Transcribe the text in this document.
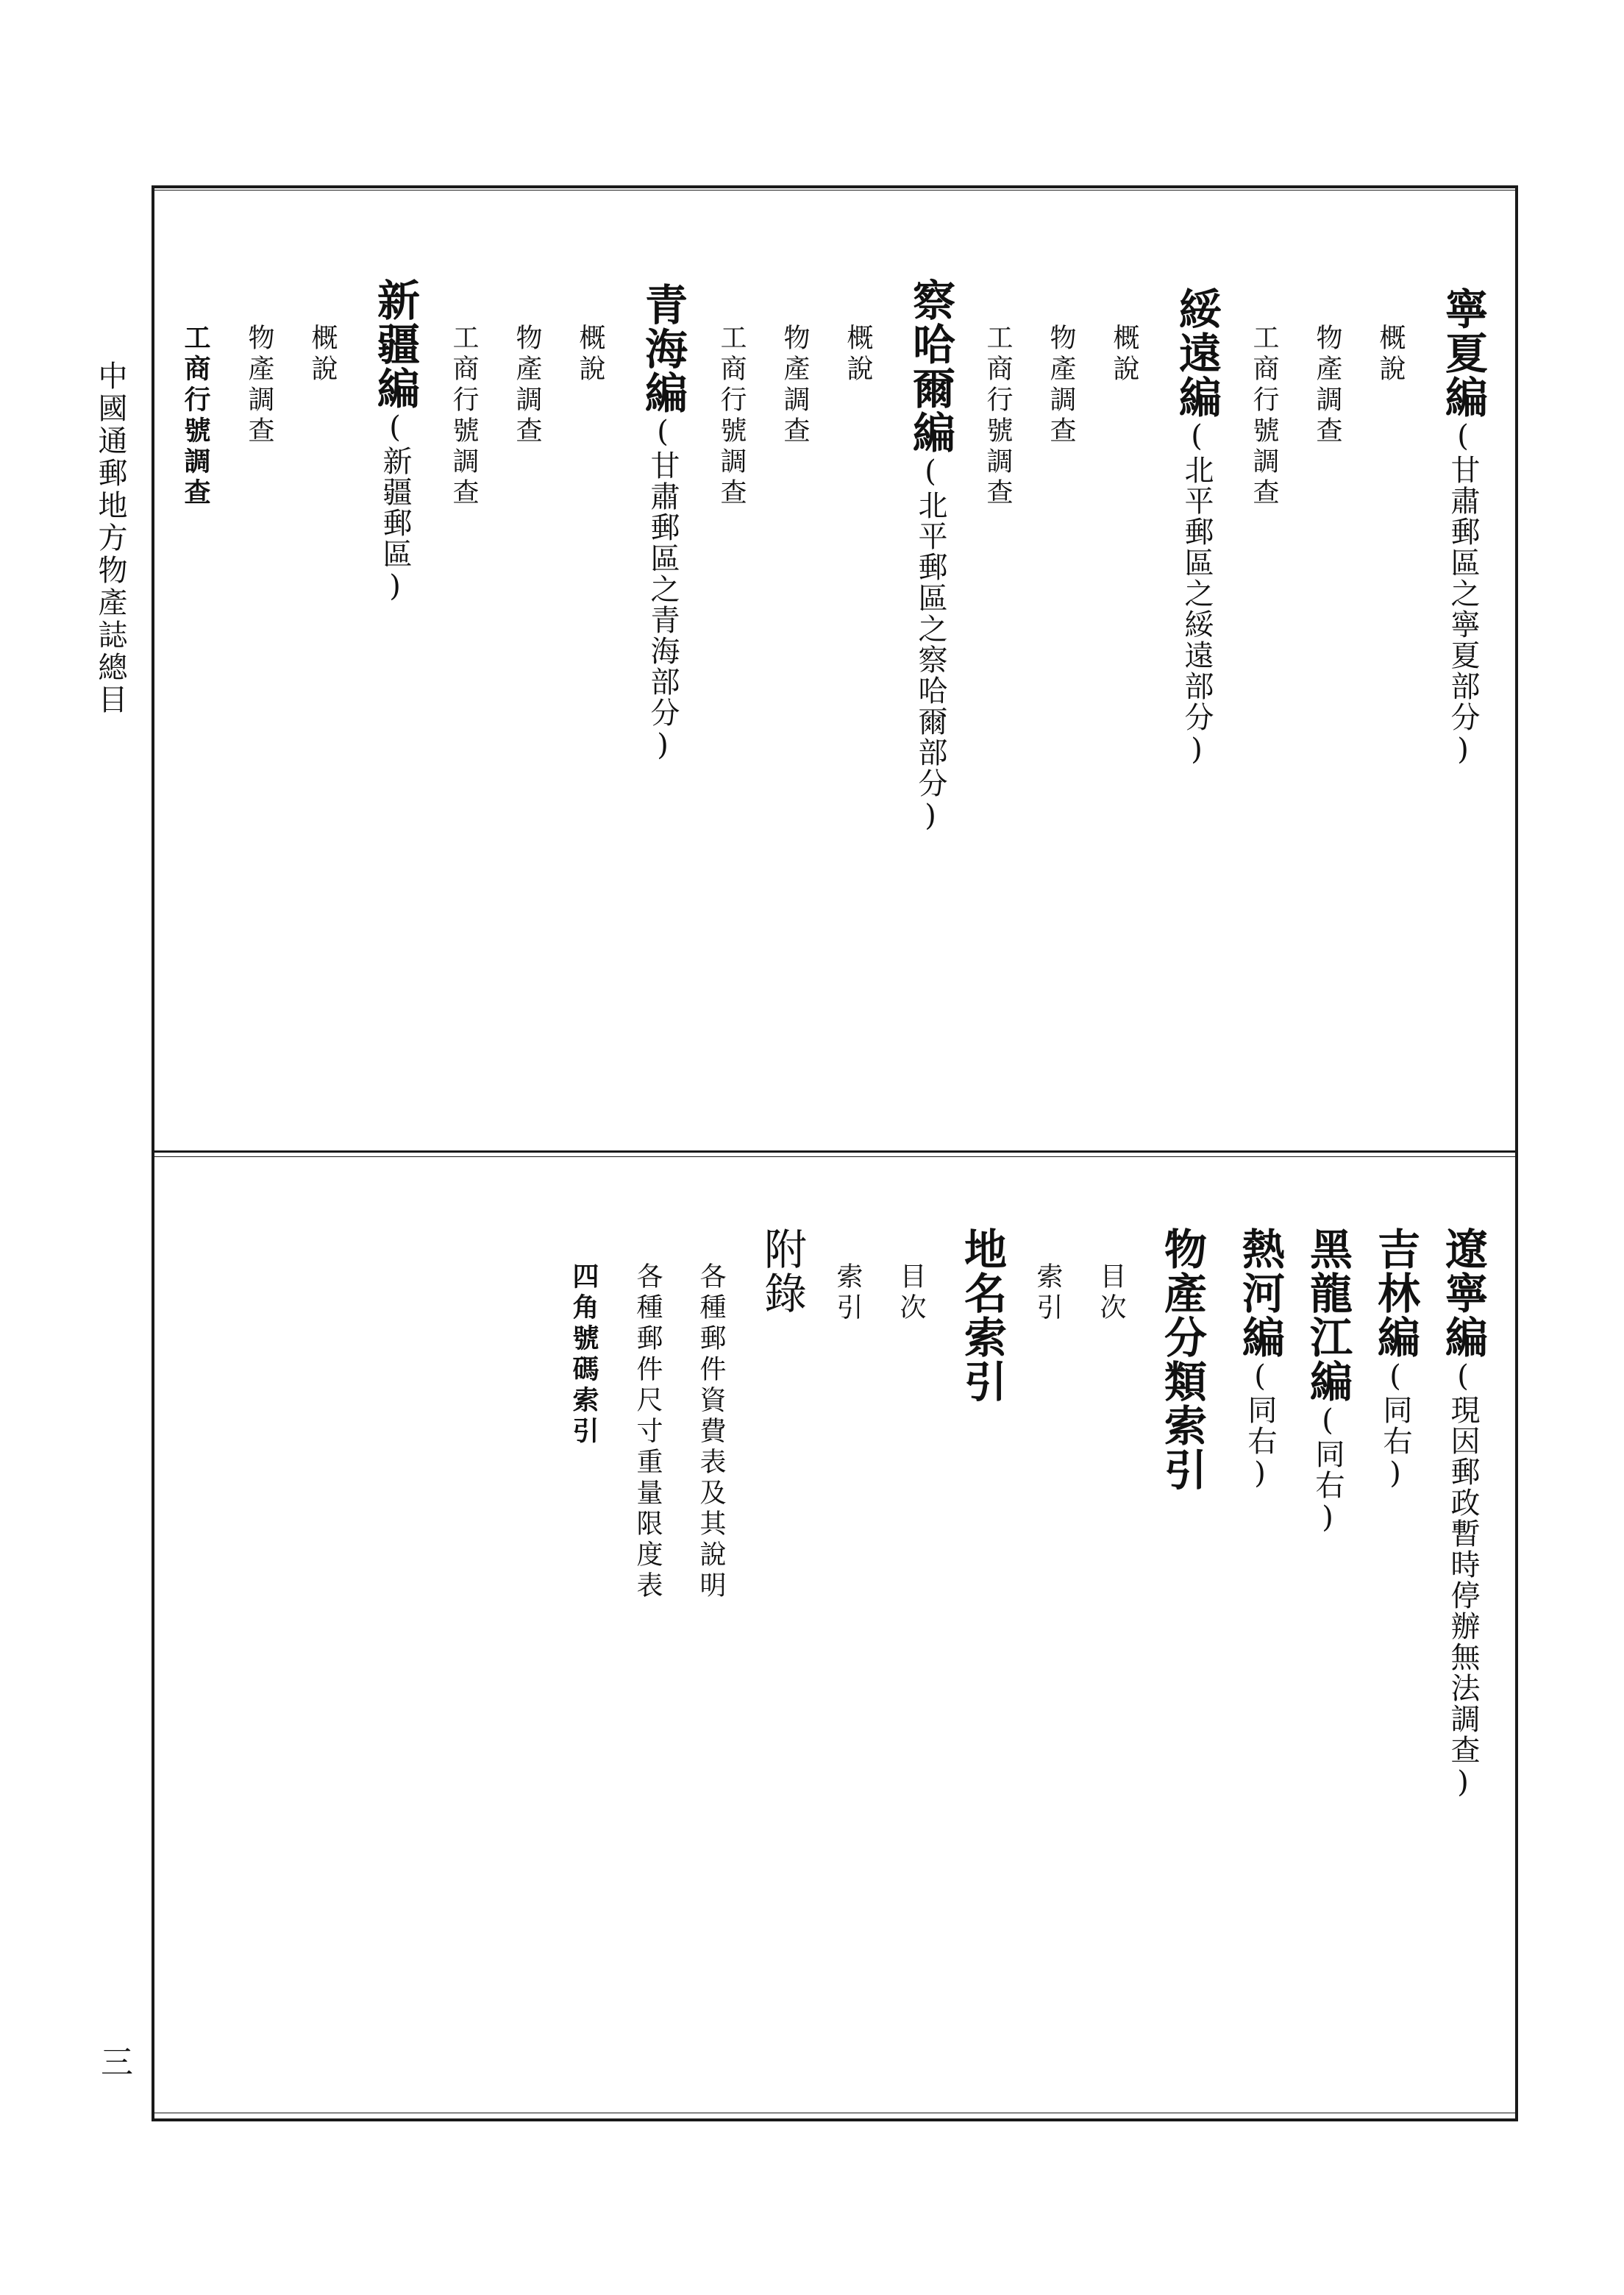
中國通郵地方物產誌總目
三
寧夏編(甘肅郵區之寧夏部分)
概說
物產調查
工商行號調查
綏遠編(北平郵區之綏遠部分)
概說
物產調查
工商行號調查
察哈爾編(北平郵區之察哈爾部分)
概說
物產調查
工商行號調查
青海編(甘肅郵區之青海部分)
概說
物產調查
工商行號調查
新疆編(新疆郵區)
概說
物產調查
工商行號調查
遼寧編(現因郵政暫時停辦無法調查)
吉林編(同右)
黑龍江編(同右)
熱河編(同右)
物產分類索引
目次
索引
地名索引
目次
索引
附錄
各種郵件資費表及其說明
各種郵件尺寸重量限度表
四角號碼索引
